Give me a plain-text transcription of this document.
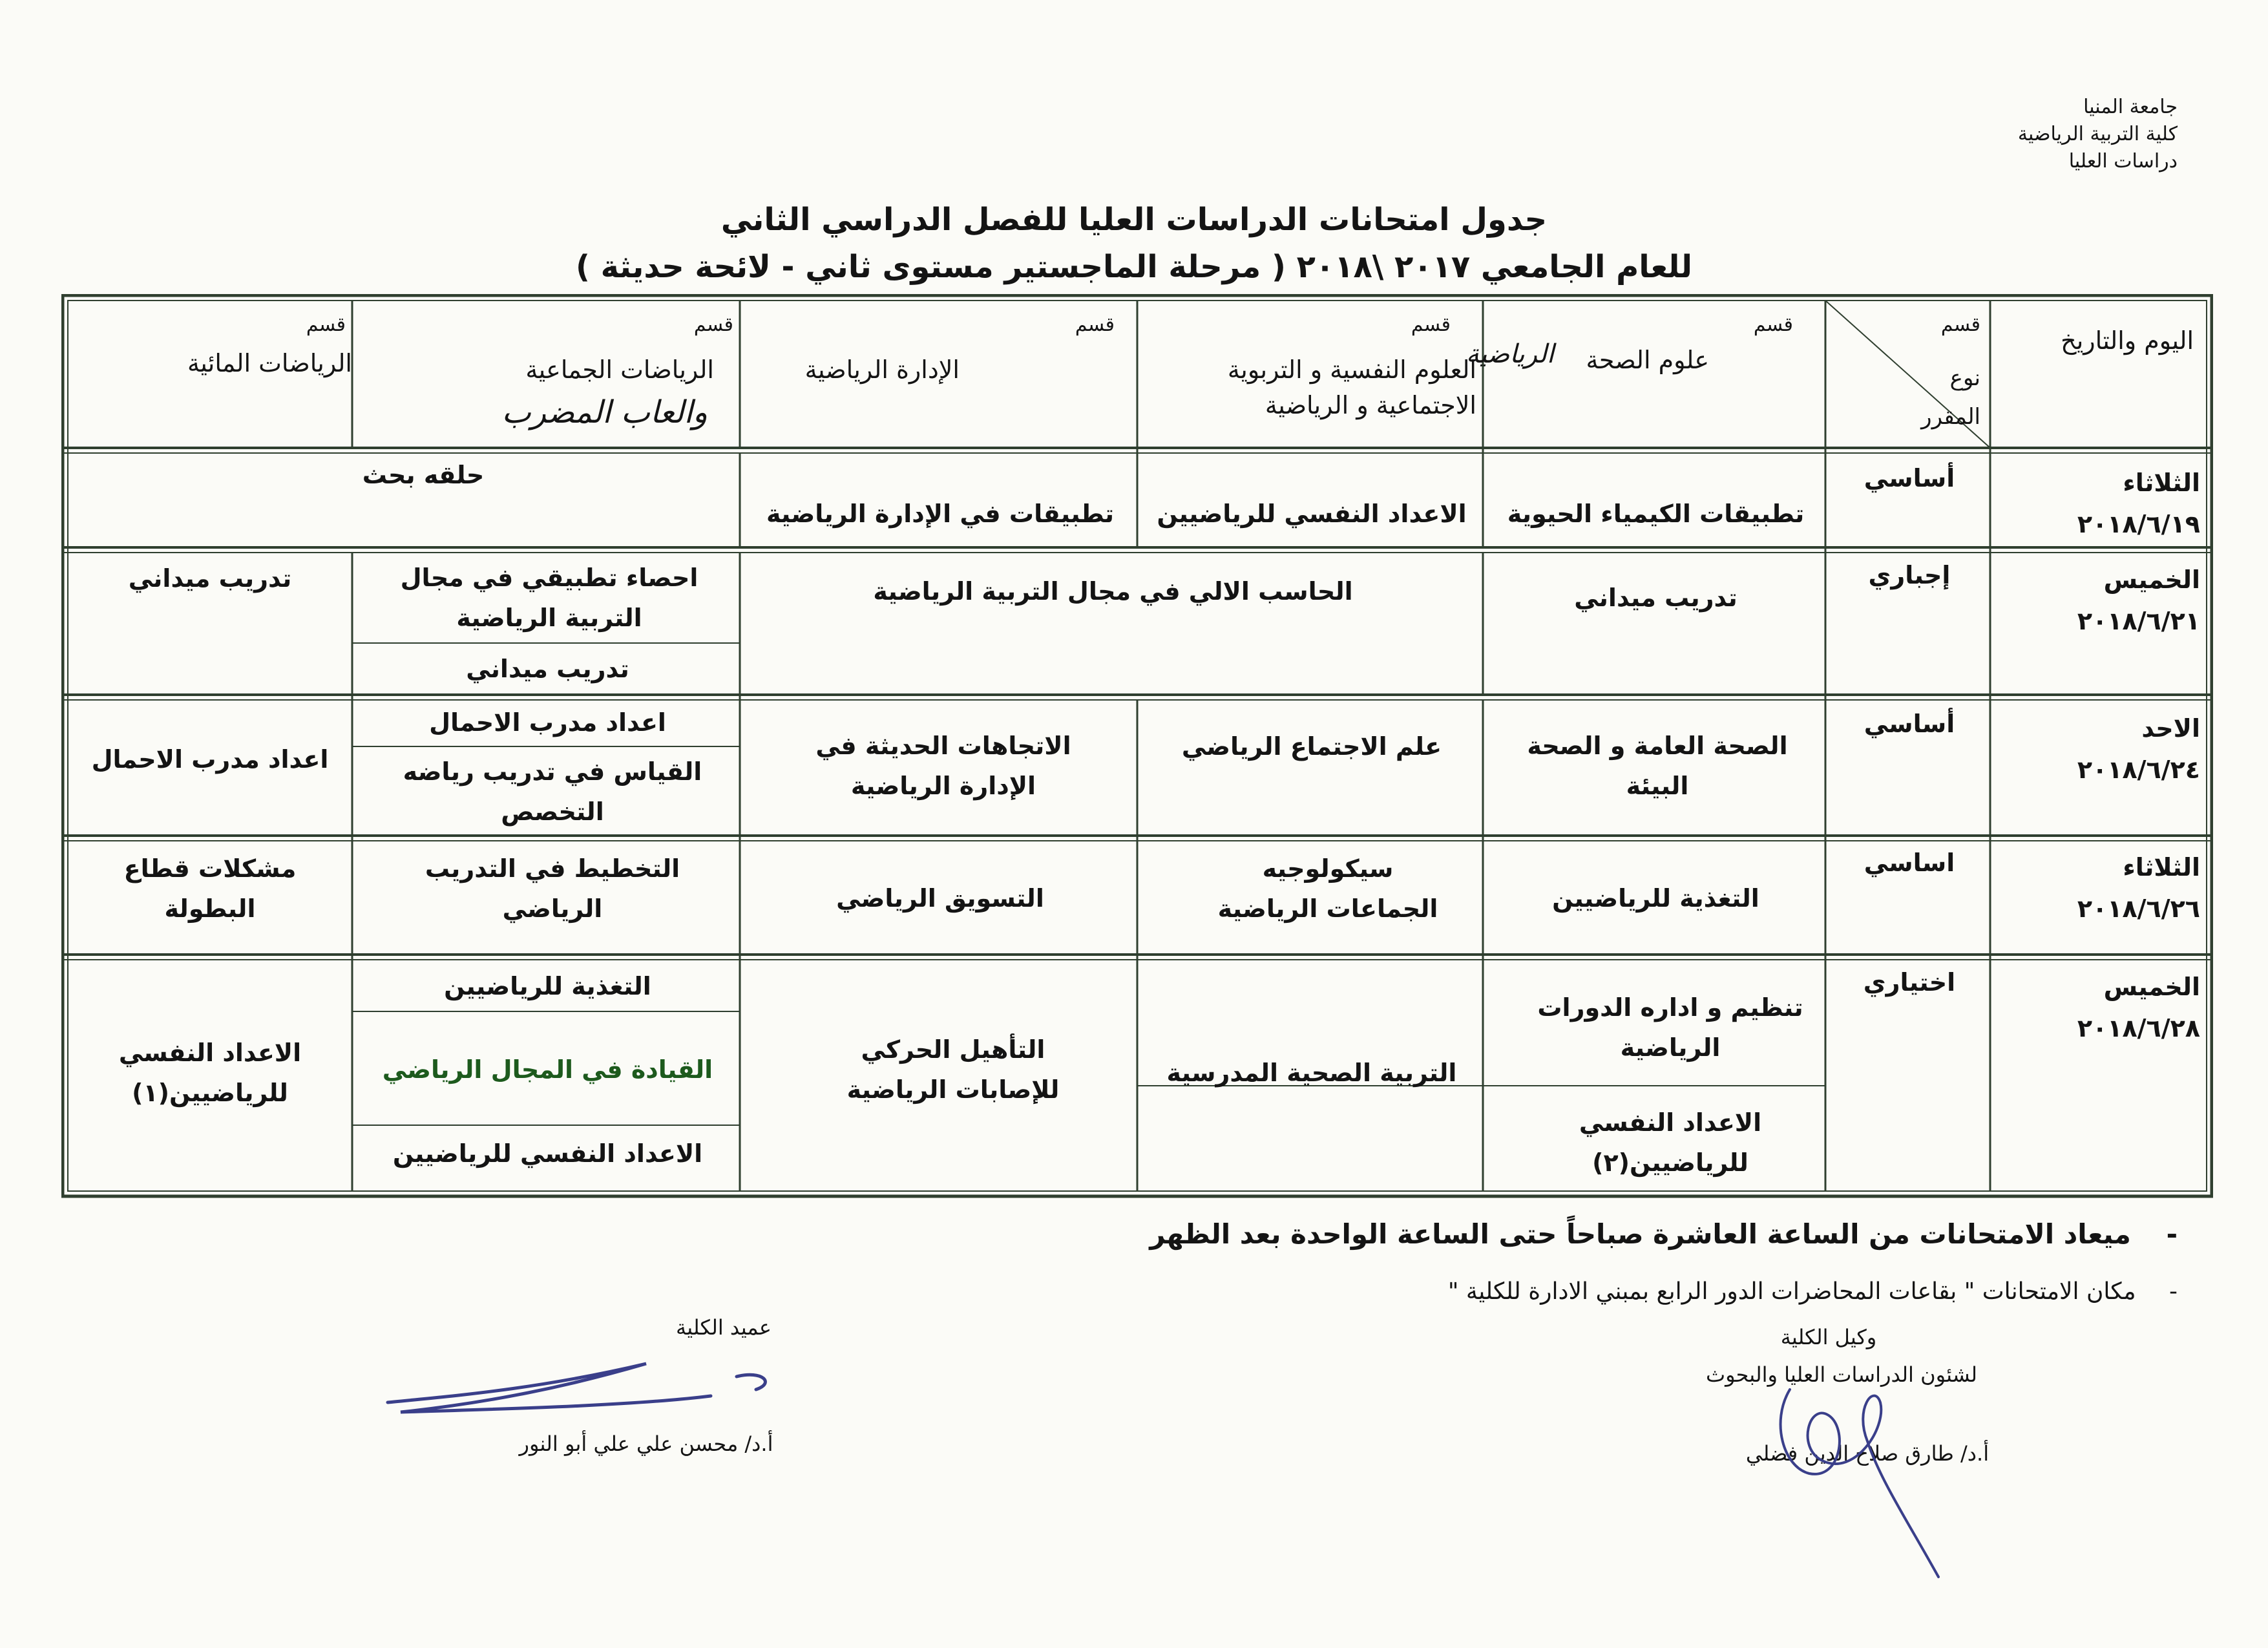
جامعة المنيا
كلية التربية الرياضية
دراسات العليا
جدول امتحانات الدراسات العليا للفصل الدراسي الثاني
للعام الجامعي ٢٠١٧ \٢٠١٨ ( مرحلة الماجستير مستوى ثاني - لائحة حديثة )
اليوم والتاريخ
قسم
نوع
المقرر
قسم
علوم الصحة
الرياضية
قسم
العلوم النفسية و التربوية
الاجتماعية و الرياضية
قسم
الإدارة الرياضية
قسم
الرياضات الجماعية
والعاب المضرب
قسم
الرياضات المائية
الثلاثاء
٢٠١٨/٦/١٩
أساسي
تطبيقات الكيمياء الحيوية
الاعداد النفسي للرياضيين
تطبيقات في الإدارة الرياضية
حلقه بحث
الخميس
٢٠١٨/٦/٢١
إجباري
تدريب ميداني
الحاسب الالي في مجال التربية الرياضية
احصاء تطبيقي في مجال التربية الرياضية
تدريب ميداني
تدريب ميداني
الاحد
٢٠١٨/٦/٢٤
أساسي
الصحة العامة و الصحة البيئة
علم الاجتماع الرياضي
الاتجاهات الحديثة في الإدارة الرياضية
اعداد مدرب الاحمال
القياس في تدريب رياضه التخصص
اعداد مدرب الاحمال
الثلاثاء
٢٠١٨/٦/٢٦
اساسي
التغذية للرياضيين
سيكولوجيه الجماعات الرياضية
التسويق الرياضي
التخطيط في التدريب الرياضي
مشكلات قطاع البطولة
الخميس
٢٠١٨/٦/٢٨
اختياري
تنظيم و اداره الدورات الرياضية
الاعداد النفسي للرياضيين(٢)
التربية الصحية المدرسية
التأهيل الحركي للإصابات الرياضية
التغذية للرياضيين
القيادة في المجال الرياضي
الاعداد النفسي للرياضيين
الاعداد النفسي للرياضيين(١)
- ميعاد الامتحانات من الساعة العاشرة صباحاً حتى الساعة الواحدة بعد الظهر
- مكان الامتحانات " بقاعات المحاضرات الدور الرابع بمبني الادارة للكلية "
وكيل الكلية
لشئون الدراسات العليا والبحوث
أ.د/ طارق صلاح الدين فضلي
عميد الكلية
أ.د/ محسن علي علي أبو النور
